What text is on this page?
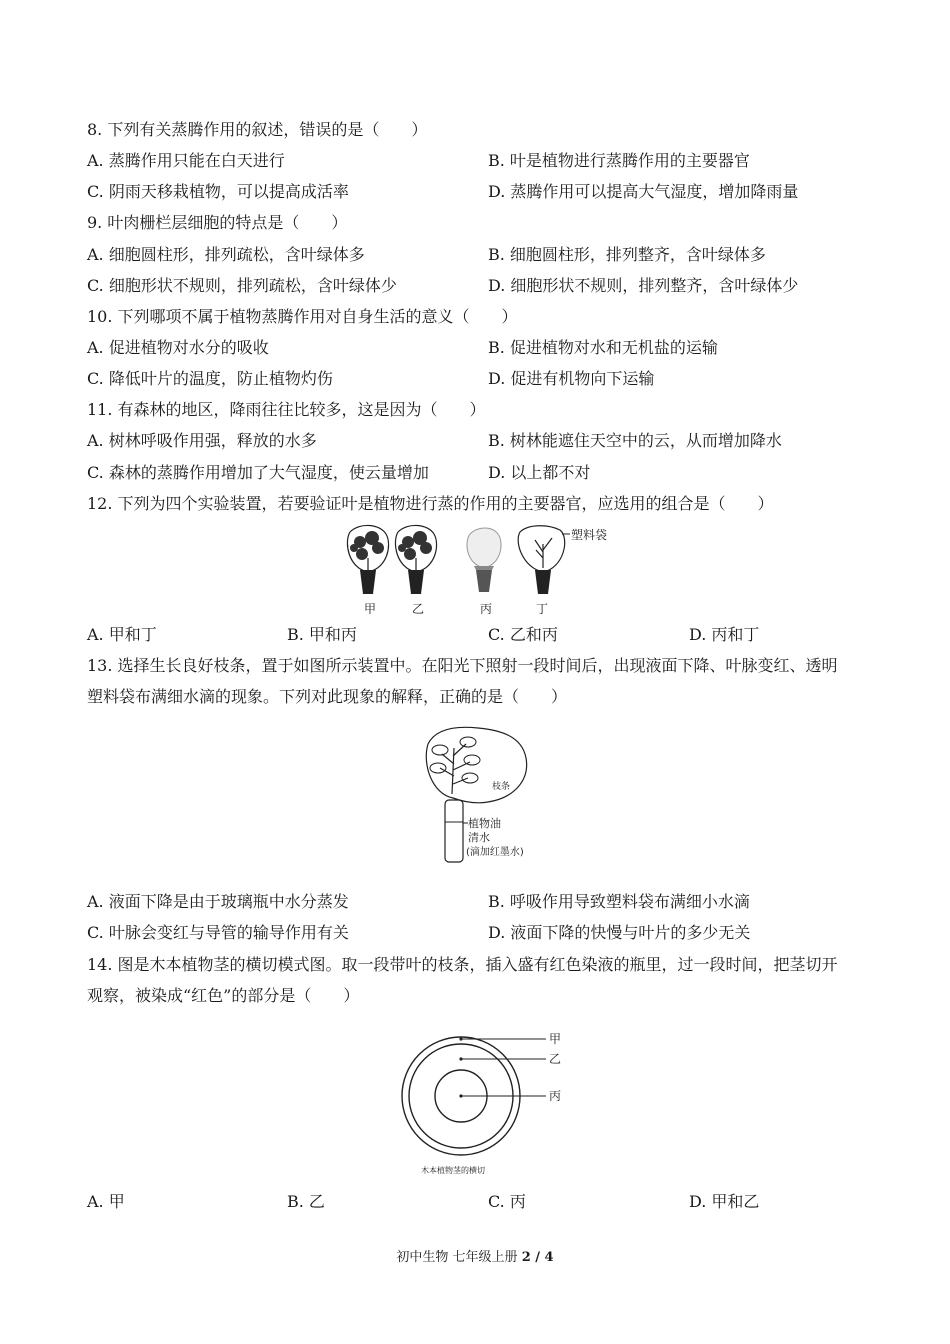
8. 下列有关蒸腾作用的叙述，错误的是（　　）
A. 蒸腾作用只能在白天进行	B. 叶是植物进行蒸腾作用的主要器官
C. 阴雨天移栽植物，可以提高成活率	D. 蒸腾作用可以提高大气湿度，增加降雨量
9. 叶肉栅栏层细胞的特点是（　　）
A. 细胞圆柱形，排列疏松，含叶绿体多	B. 细胞圆柱形，排列整齐，含叶绿体多
C. 细胞形状不规则，排列疏松，含叶绿体少	D. 细胞形状不规则，排列整齐，含叶绿体少
10. 下列哪项不属于植物蒸腾作用对自身生活的意义（　　）
A. 促进植物对水分的吸收	B. 促进植物对水和无机盐的运输
C. 降低叶片的温度，防止植物灼伤	D. 促进有机物向下运输
11. 有森林的地区，降雨往往比较多，这是因为（　　）
A. 树林呼吸作用强，释放的水多	B. 树林能遮住天空中的云，从而增加降水
C. 森林的蒸腾作用增加了大气湿度，使云量增加	D. 以上都不对
12. 下列为四个实验装置，若要验证叶是植物进行蒸的作用的主要器官，应选用的组合是（　　）
塑料袋
甲	乙	丙	丁
A. 甲和丁	B. 甲和丙	C. 乙和丙	D. 丙和丁
13. 选择生长良好枝条，置于如图所示装置中。在阳光下照射一段时间后，出现液面下降、叶脉变红、透明
塑料袋布满细水滴的现象。下列对此现象的解释，正确的是（　　）
枝条
植物油
清水
(滴加红墨水)
A. 液面下降是由于玻璃瓶中水分蒸发	B. 呼吸作用导致塑料袋布满细小水滴
C. 叶脉会变红与导管的输导作用有关	D. 液面下降的快慢与叶片的多少无关
14. 图是木本植物茎的横切模式图。取一段带叶的枝条，插入盛有红色染液的瓶里，过一段时间，把茎切开
观察，被染成“红色”的部分是（　　）
甲
乙
丙
木本植物茎的横切
A. 甲	B. 乙	C. 丙	D. 甲和乙
初中生物 七年级上册 2 / 4
